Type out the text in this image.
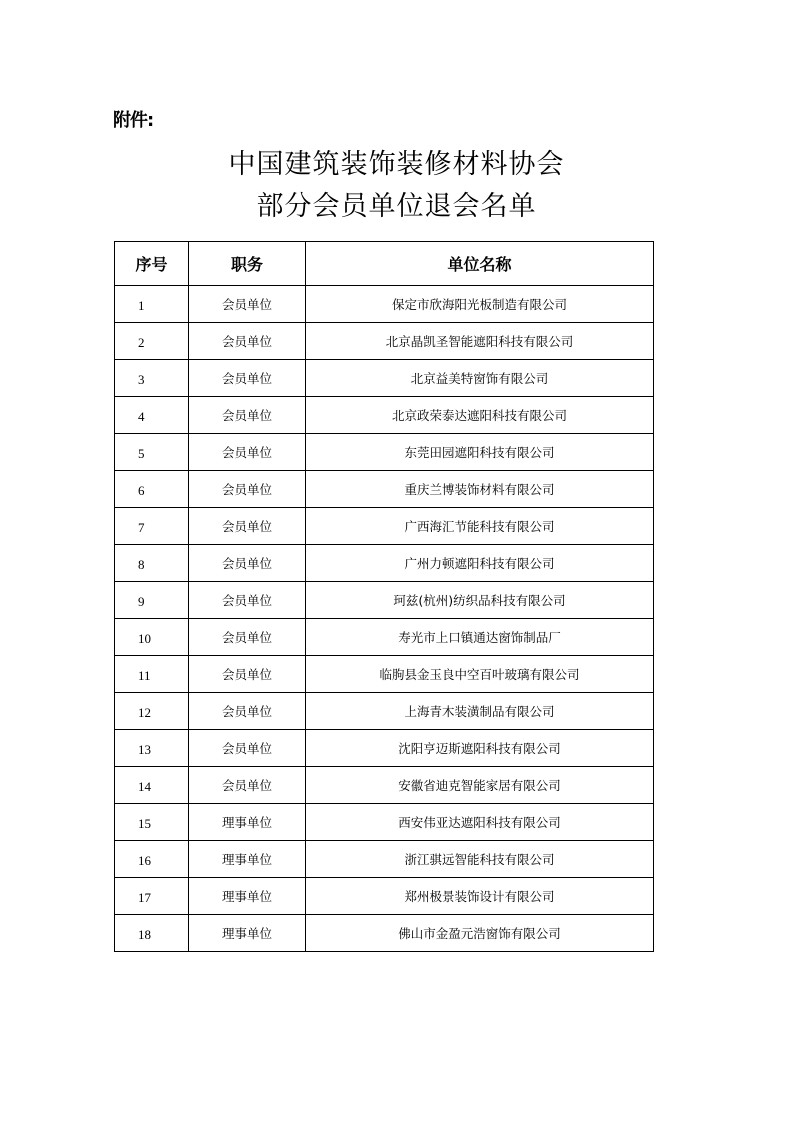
附件:
中国建筑装饰装修材料协会
部分会员单位退会名单
序号	职务	单位名称
1	会员单位	保定市欣海阳光板制造有限公司
2	会员单位	北京晶凯圣智能遮阳科技有限公司
3	会员单位	北京益美特窗饰有限公司
4	会员单位	北京政荣泰达遮阳科技有限公司
5	会员单位	东莞田园遮阳科技有限公司
6	会员单位	重庆兰博装饰材料有限公司
7	会员单位	广西海汇节能科技有限公司
8	会员单位	广州力顿遮阳科技有限公司
9	会员单位	珂兹(杭州)纺织品科技有限公司
10	会员单位	寿光市上口镇通达窗饰制品厂
11	会员单位	临朐县金玉良中空百叶玻璃有限公司
12	会员单位	上海青木装潢制品有限公司
13	会员单位	沈阳亨迈斯遮阳科技有限公司
14	会员单位	安徽省迪克智能家居有限公司
15	理事单位	西安伟亚达遮阳科技有限公司
16	理事单位	浙江骐远智能科技有限公司
17	理事单位	郑州极景装饰设计有限公司
18	理事单位	佛山市金盈元浩窗饰有限公司
